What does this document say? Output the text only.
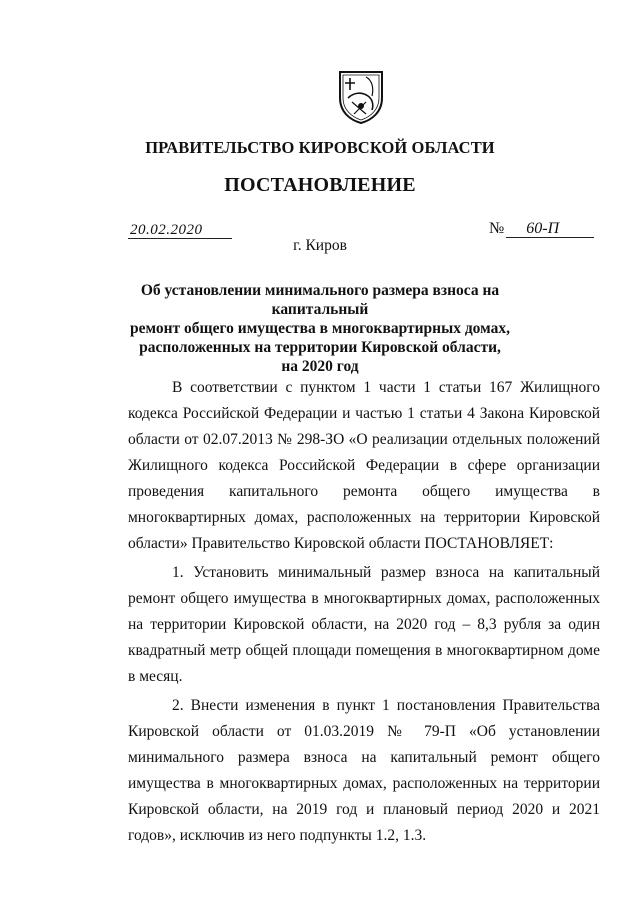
ПРАВИТЕЛЬСТВО КИРОВСКОЙ ОБЛАСТИ
ПОСТАНОВЛЕНИЕ
20.02.2020	№	60-П
г. Киров
Об установлении минимального размера взноса на капитальный
ремонт общего имущества в многоквартирных домах,
расположенных на территории Кировской области,
на 2020 год

В соответствии с пунктом 1 части 1 статьи 167 Жилищного кодекса Российской Федерации и частью 1 статьи 4 Закона Кировской области от 02.07.2013 № 298-ЗО «О реализации отдельных положений Жилищного кодекса Российской Федерации в сфере организации проведения капитального ремонта общего имущества в многоквартирных домах, расположенных на территории Кировской области» Правительство Кировской области ПОСТАНОВЛЯЕТ:

1. Установить минимальный размер взноса на капитальный ремонт общего имущества в многоквартирных домах, расположенных на территории Кировской области, на 2020 год – 8,3 рубля за один квадратный метр общей площади помещения в многоквартирном доме в месяц.

2. Внести изменения в пункт 1 постановления Правительства Кировской области от 01.03.2019 № 79-П «Об установлении минимального размера взноса на капитальный ремонт общего имущества в многоквартирных домах, расположенных на территории Кировской области, на 2019 год и плановый период 2020 и 2021 годов», исключив из него подпункты 1.2, 1.3.
